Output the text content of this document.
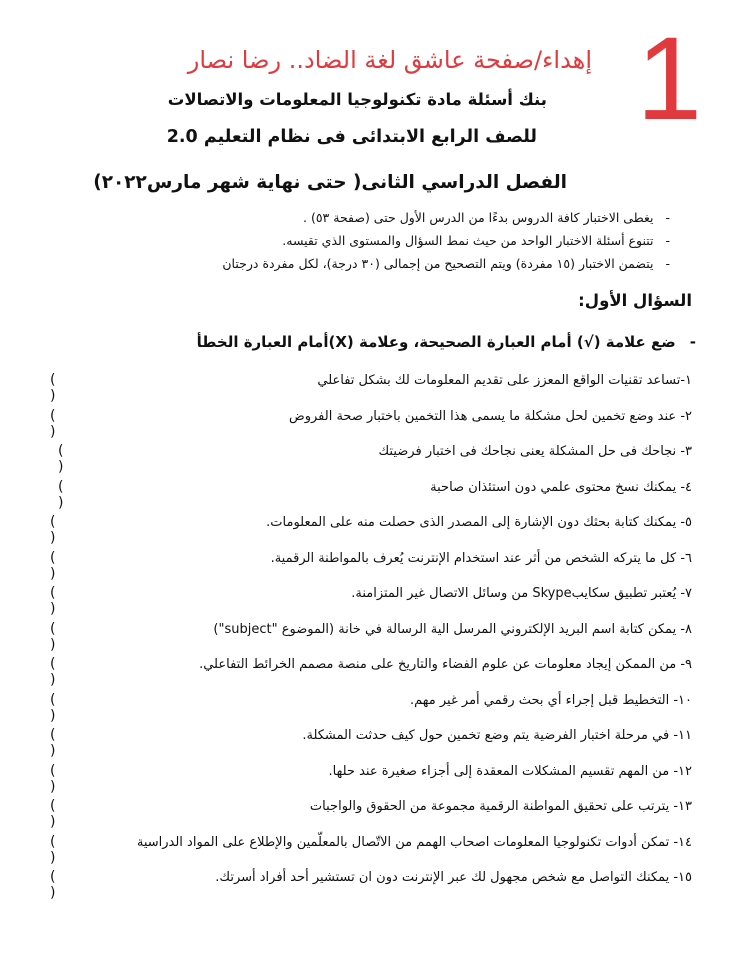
1
إهداء/صفحة عاشق لغة الضاد.. رضا نصار
بنك أسئلة مادة تكنولوجيا المعلومات والاتصالات
للصف الرابع الابتدائى فى نظام التعليم 2.0
الفصل الدراسي الثانى( حتى نهاية شهر مارس٢٠٢٢)
-يغطى الاختبار كافة الدروس بدءًا من الدرس الأول حتى (صفحة ٥٣) .
-تتنوع أسئلة الاختبار الواحد من حيث نمط السؤال والمستوى الذي تقيسه.
-يتضمن الاختبار (١٥ مفردة) ويتم التصحيح من إجمالى (٣٠ درجة)، لكل مفردة درجتان
السؤال الأول:
-ضع علامة (√) أمام العبارة الصحيحة، وعلامة (X)أمام العبارة الخطأ
١-تساعد تقنيات الواقع المعزز على تقديم المعلومات لك بشكل تفاعلي
( )
٢- عند وضع تخمين لحل مشكلة ما يسمى هذا التخمين باختبار صحة الفروض
( )
٣- نجاحك فى حل المشكلة يعنى نجاحك فى اختبار فرضيتك
( )
٤- يمكنك نسخ محتوى علمي دون استئذان صاحبة
( )
٥- يمكنك كتابة بحثك دون الإشارة إلى المصدر الذى حصلت منه على المعلومات.
( )
٦- كل ما يتركه الشخص من أثر عند استخدام الإنترنت يُعرف بالمواطنة الرقمية.
( )
٧- يُعتبر تطبيق سكايبSkype من وسائل الاتصال غير المتزامنة.
( )
٨- يمكن كتابة اسم البريد الإلكتروني المرسل الية الرسالة في خانة (الموضوع "subject")
( )
٩- من الممكن إيجاد معلومات عن علوم الفضاء والتاريخ على منصة مصمم الخرائط التفاعلي.
( )
١٠- التخطيط قبل إجراء أي بحث رقمي أمر غير مهم.
( )
١١- في مرحلة اختبار الفرضية يتم وضع تخمين حول كيف حدثت المشكلة.
( )
١٢- من المهم تقسيم المشكلات المعقدة إلى أجزاء صغيرة عند حلها.
( )
١٣- يترتب على تحقيق المواطنة الرقمية مجموعة من الحقوق والواجبات
( )
١٤- تمكن أدوات تكنولوجيا المعلومات اصحاب الهمم من الاتّصال بالمعلّمين والإطلاع على المواد الدراسية
( )
١٥- يمكنك التواصل مع شخص مجهول لك عبر الإنترنت دون ان تستشير أحد أفراد أسرتك.
( )
